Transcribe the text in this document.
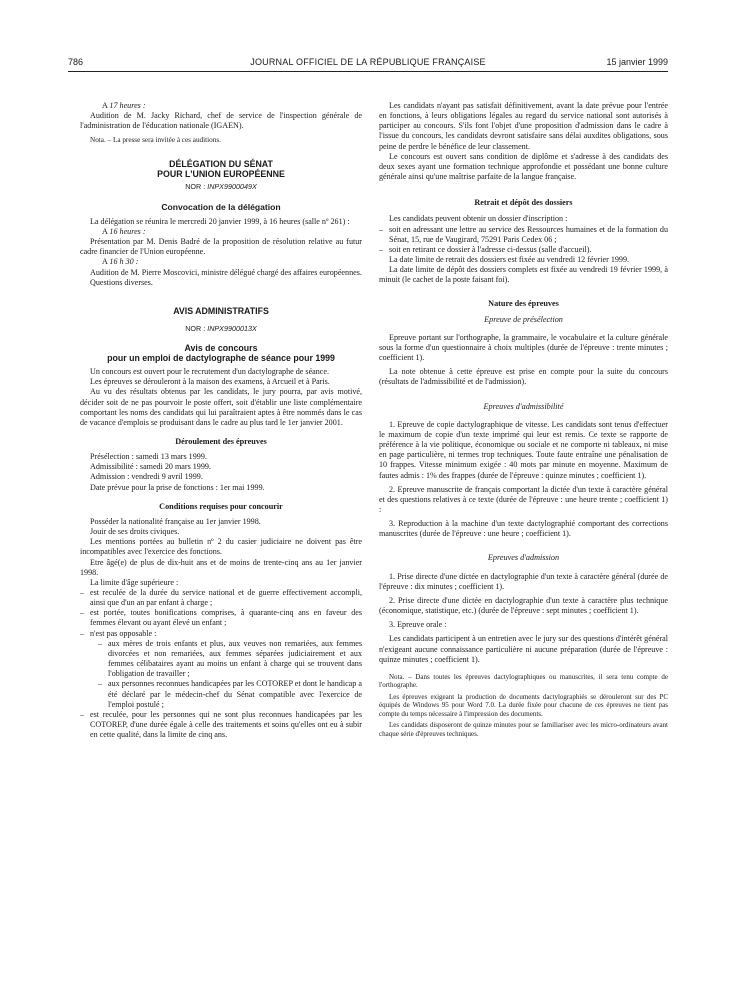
786	JOURNAL OFFICIEL DE LA RÉPUBLIQUE FRANÇAISE	15 janvier 1999

A 17 heures :

Audition de M. Jacky Richard, chef de service de l'inspection générale de l'administration de l'éducation nationale (IGAEN).

Nota. – La presse sera invitée à ces auditions.

DÉLÉGATION DU SÉNAT
POUR L'UNION EUROPÉENNE

NOR : INPX9900049X

Convocation de la délégation

La délégation se réunira le mercredi 20 janvier 1999, à 16 heures (salle nº 261) :

A 16 heures :

Présentation par M. Denis Badré de la proposition de résolution relative au futur cadre financier de l'Union européenne.

A 16 h 30 :

Audition de M. Pierre Moscovici, ministre délégué chargé des affaires européennes.

Questions diverses.

AVIS ADMINISTRATIFS

NOR : INPX9900013X

Avis de concours
pour un emploi de dactylographe de séance pour 1999

Un concours est ouvert pour le recrutement d'un dactylographe de séance.

Les épreuves se dérouleront à la maison des examens, à Arcueil et à Paris.

Au vu des résultats obtenus par les candidats, le jury pourra, par avis motivé, décider soit de ne pas pourvoir le poste offert, soit d'établir une liste complémentaire comportant les noms des candidats qui lui paraîtraient aptes à être nommés dans le cas de vacance d'emplois se produisant dans le cadre au plus tard le 1er janvier 2001.

Déroulement des épreuves

Présélection : samedi 13 mars 1999.

Admissibilité : samedi 20 mars 1999.

Admission : vendredi 9 avril 1999.

Date prévue pour la prise de fonctions : 1er mai 1999.

Conditions requises pour concourir

Posséder la nationalité française au 1er janvier 1998.

Jouir de ses droits civiques.

Les mentions portées au bulletin nº 2 du casier judiciaire ne doivent pas être incompatibles avec l'exercice des fonctions.

Etre âgé(e) de plus de dix-huit ans et de moins de trente-cinq ans au 1er janvier 1998.

La limite d'âge supérieure :

– est reculée de la durée du service national et de guerre effectivement accompli, ainsi que d'un an par enfant à charge ;
– est portée, toutes bonifications comprises, à quarante-cinq ans en faveur des femmes élevant ou ayant élevé un enfant ;
– n'est pas opposable :
– aux mères de trois enfants et plus, aux veuves non remariées, aux femmes divorcées et non remariées, aux femmes séparées judiciairement et aux femmes célibataires ayant au moins un enfant à charge qui se trouvent dans l'obligation de travailler ;
– aux personnes reconnues handicapées par les COTOREP et dont le handicap a été déclaré par le médecin-chef du Sénat compatible avec l'exercice de l'emploi postulé ;
– est reculée, pour les personnes qui ne sont plus reconnues handicapées par les COTOREP, d'une durée égale à celle des traitements et soins qu'elles ont eu à subir en cette qualité, dans la limite de cinq ans.

Les candidats n'ayant pas satisfait définitivement, avant la date prévue pour l'entrée en fonctions, à leurs obligations légales au regard du service national sont autorisés à participer au concours. S'ils font l'objet d'une proposition d'admission dans le cadre à l'issue du concours, les candidats devront satisfaire sans délai auxdites obligations, sous peine de perdre le bénéfice de leur classement.

Le concours est ouvert sans condition de diplôme et s'adresse à des candidats des deux sexes ayant une formation technique approfondie et possédant une bonne culture générale ainsi qu'une maîtrise parfaite de la langue française.

Retrait et dépôt des dossiers

Les candidats peuvent obtenir un dossier d'inscription :

– soit en adressant une lettre au service des Ressources humaines et de la formation du Sénat, 15, rue de Vaugirard, 75291 Paris Cedex 06 ;
– soit en retirant ce dossier à l'adresse ci-dessus (salle d'accueil).

La date limite de retrait des dossiers est fixée au vendredi 12 février 1999.

La date limite de dépôt des dossiers complets est fixée au vendredi 19 février 1999, à minuit (le cachet de la poste faisant foi).

Nature des épreuves
Epreuve de présélection

Epreuve portant sur l'orthographe, la grammaire, le vocabulaire et la culture générale sous la forme d'un questionnaire à choix multiples (durée de l'épreuve : trente minutes ; coefficient 1).

La note obtenue à cette épreuve est prise en compte pour la suite du concours (résultats de l'admissibilité et de l'admission).

Epreuves d'admissibilité

1. Epreuve de copie dactylographique de vitesse. Les candidats sont tenus d'effectuer le maximum de copie d'un texte imprimé qui leur est remis. Ce texte se rapporte de préférence à la vie politique, économique ou sociale et ne comporte ni tableaux, ni mise en page particulière, ni termes trop techniques. Toute faute entraîne une pénalisation de 10 frappes. Vitesse minimum exigée : 40 mots par minute en moyenne. Maximum de fautes admis : 1% des frappes (durée de l'épreuve : quinze minutes ; coefficient 1).

2. Epreuve manuscrite de français comportant la dictée d'un texte à caractère général et des questions relatives à ce texte (durée de l'épreuve : une heure trente ; coefficient 1) :

3. Reproduction à la machine d'un texte dactylographié comportant des corrections manuscrites (durée de l'épreuve : une heure ; coefficient 1).

Epreuves d'admission

1. Prise directe d'une dictée en dactylographie d'un texte à caractère général (durée de l'épreuve : dix minutes ; coefficient 1).

2. Prise directe d'une dictée en dactylographie d'un texte à caractère plus technique (économique, statistique, etc.) (durée de l'épreuve : sept minutes ; coefficient 1).

3. Epreuve orale :

Les candidats participent à un entretien avec le jury sur des questions d'intérêt général n'exigeant aucune connaissance particulière ni aucune préparation (durée de l'épreuve : quinze minutes ; coefficient 1).

Nota. – Dans toutes les épreuves dactylographiques ou manuscrites, il sera tenu compte de l'orthographe.

Les épreuves exigeant la production de documents dactylographiés se dérouleront sur des PC équipés de Windows 95 pour Word 7.0. La durée fixée pour chacune de ces épreuves ne tient pas compte du temps nécessaire à l'impression des documents.

Les candidats disposeront de quinze minutes pour se familiariser avec les micro-ordinateurs avant chaque série d'épreuves techniques.
